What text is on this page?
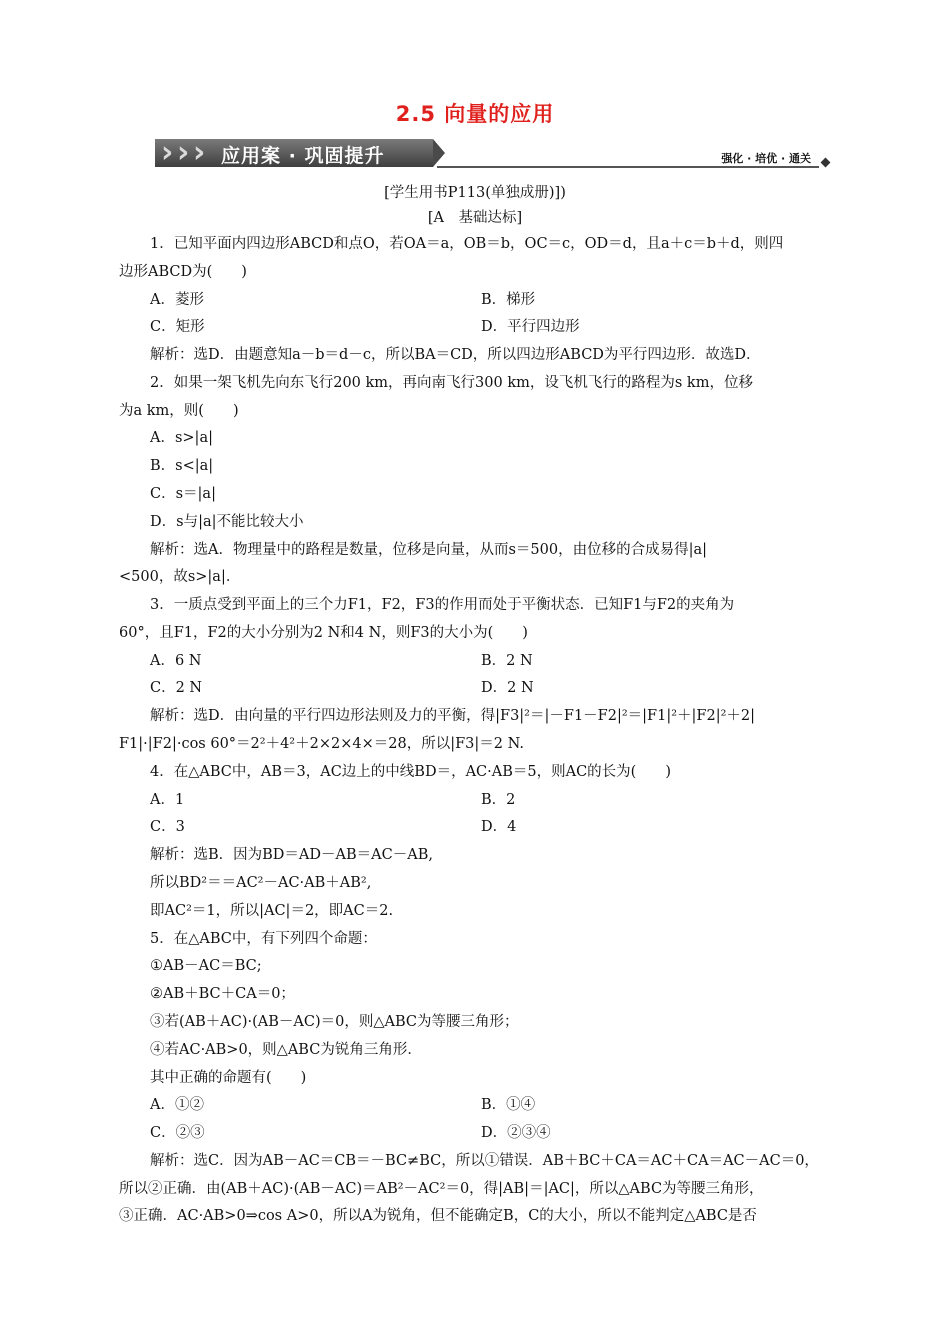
2.5 向量的应用
› › › 应用案 · 巩固提升	强化 · 培优 · 通关
[学生用书P113(单独成册)])
[A　基础达标]
1．已知平面内四边形ABCD和点O，若OA＝a，OB＝b，OC＝c，OD＝d，且a＋c＝b＋d，则四
边形ABCD为(　　)
A．菱形	B．梯形
C．矩形	D．平行四边形
解析：选D．由题意知a－b＝d－c，所以BA＝CD，所以四边形ABCD为平行四边形．故选D．
2．如果一架飞机先向东飞行200 km，再向南飞行300 km，设飞机飞行的路程为s km，位移
为a km，则(　　)
A．s>|a|
B．s<|a|
C．s＝|a|
D．s与|a|不能比较大小
解析：选A．物理量中的路程是数量，位移是向量，从而s＝500，由位移的合成易得|a|
<500，故s>|a|．
3．一质点受到平面上的三个力F1，F2，F3的作用而处于平衡状态．已知F1与F2的夹角为
60°，且F1，F2的大小分别为2 N和4 N，则F3的大小为(　　)
A．6 N	B．2 N
C．2 N	D．2 N
解析：选D．由向量的平行四边形法则及力的平衡，得|F3|²＝|－F1－F2|²＝|F1|²＋|F2|²＋2|
F1|·|F2|·cos 60°＝2²＋4²＋2×2×4×＝28，所以|F3|＝2 N.
4．在△ABC中，AB＝3，AC边上的中线BD＝，AC·AB＝5，则AC的长为(　　)
A．1	B．2
C．3	D．4
解析：选B．因为BD＝AD－AB＝AC－AB,
所以BD²＝＝AC²－AC·AB＋AB²,
即AC²＝1，所以|AC|＝2，即AC＝2.
5．在△ABC中，有下列四个命题：
①AB－AC＝BC;
②AB＋BC＋CA＝0；
③若(AB＋AC)·(AB－AC)＝0，则△ABC为等腰三角形；
④若AC·AB>0，则△ABC为锐角三角形．
其中正确的命题有(　　)
A．①②	B．①④
C．②③	D．②③④
解析：选C．因为AB－AC＝CB＝－BC≠BC，所以①错误．AB＋BC＋CA＝AC＋CA＝AC－AC＝0，
所以②正确．由(AB＋AC)·(AB－AC)＝AB²－AC²＝0，得|AB|＝|AC|，所以△ABC为等腰三角形，
③正确．AC·AB>0⇒cos A>0，所以A为锐角，但不能确定B，C的大小，所以不能判定△ABC是否
